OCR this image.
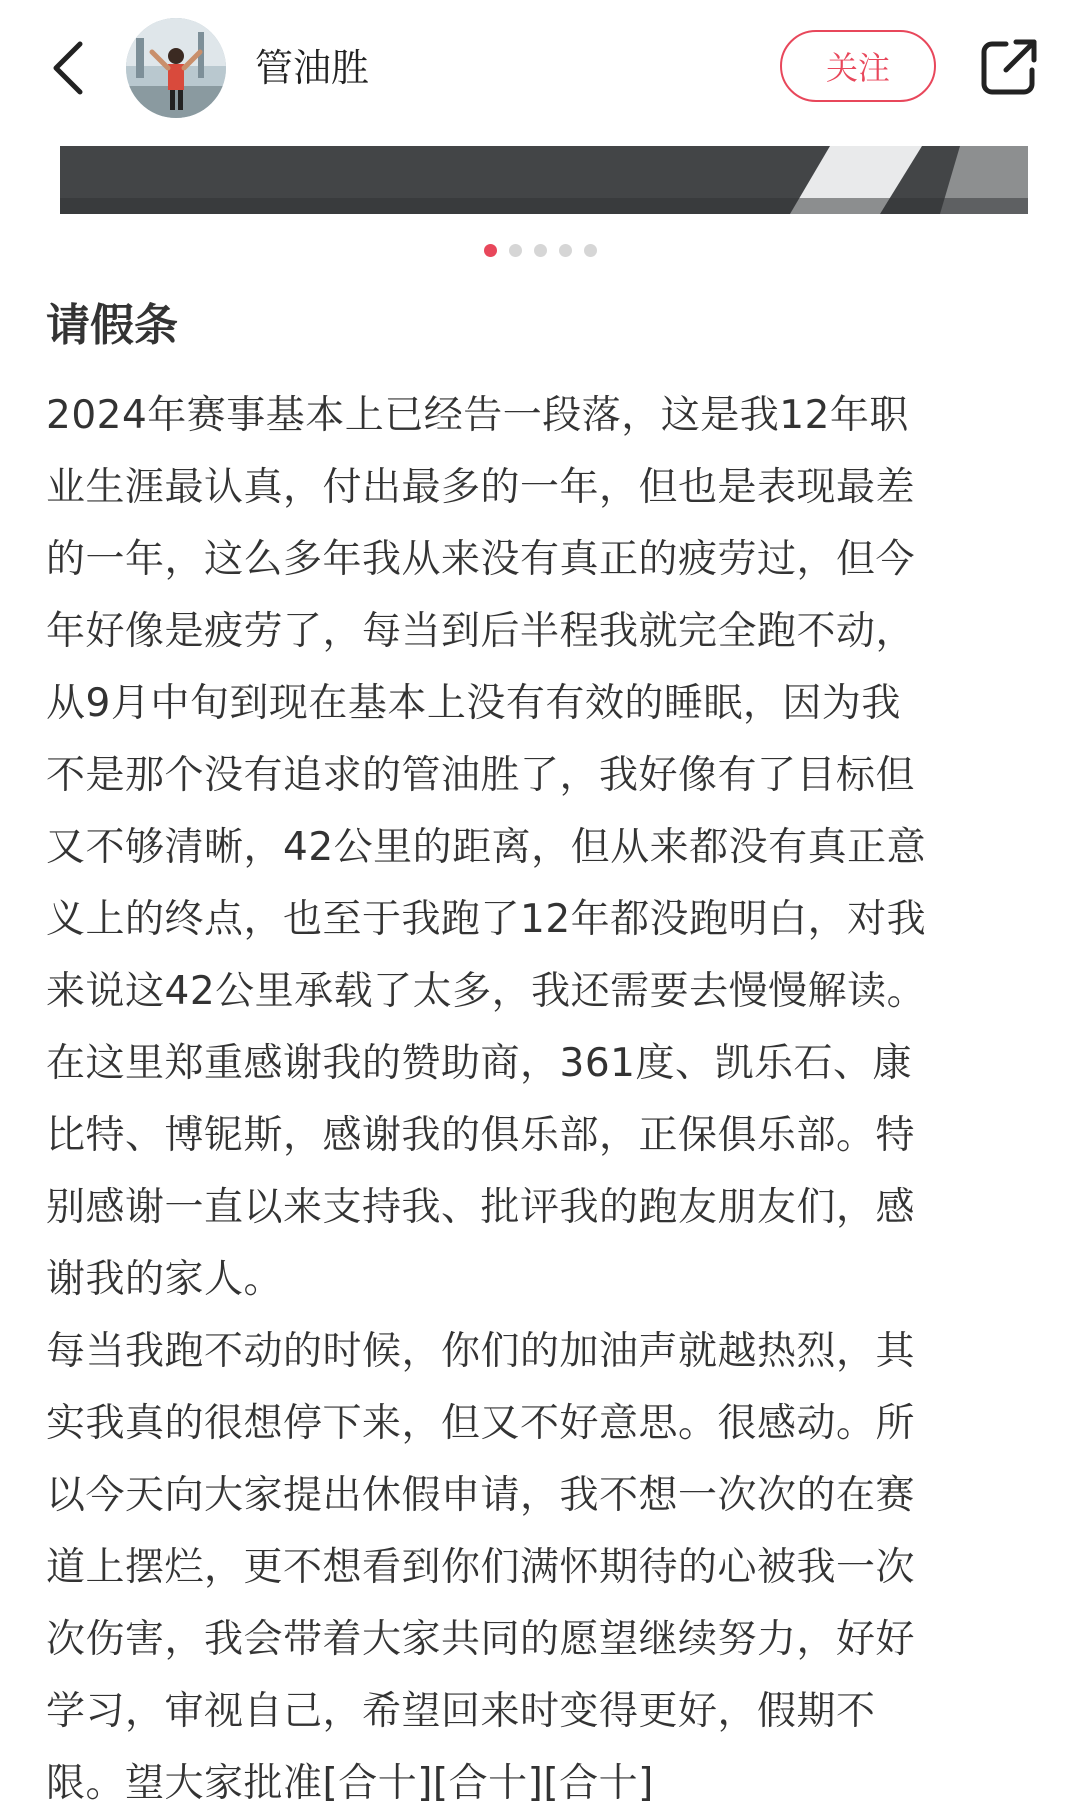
管油胜	关注
请假条

2024年赛事基本上已经告一段落，这是我12年职
业生涯最认真，付出最多的一年，但也是表现最差
的一年，这么多年我从来没有真正的疲劳过，但今
年好像是疲劳了，每当到后半程我就完全跑不动，
从9月中旬到现在基本上没有有效的睡眠，因为我
不是那个没有追求的管油胜了，我好像有了目标但
又不够清晰，42公里的距离，但从来都没有真正意
义上的终点，也至于我跑了12年都没跑明白，对我
来说这42公里承载了太多，我还需要去慢慢解读。
在这里郑重感谢我的赞助商，361度、凯乐石、康
比特、博铌斯，感谢我的俱乐部，正保俱乐部。特
别感谢一直以来支持我、批评我的跑友朋友们，感
谢我的家人。

每当我跑不动的时候，你们的加油声就越热烈，其
实我真的很想停下来，但又不好意思。很感动。所
以今天向大家提出休假申请，我不想一次次的在赛
道上摆烂，更不想看到你们满怀期待的心被我一次
次伤害，我会带着大家共同的愿望继续努力，好好
学习，审视自己，希望回来时变得更好，假期不
限。望大家批准[合十][合十][合十]
